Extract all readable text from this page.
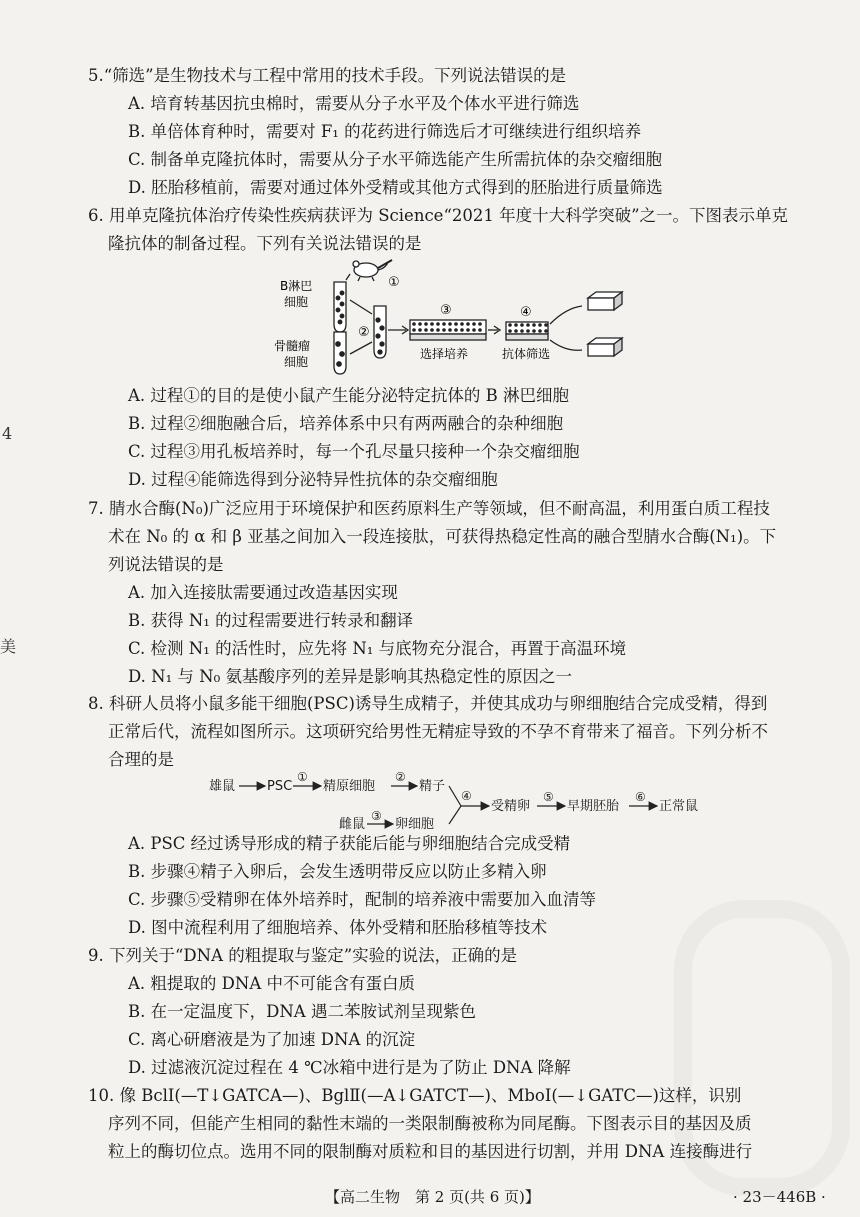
4
美
5.“筛选”是生物技术与工程中常用的技术手段。下列说法错误的是
A. 培育转基因抗虫棉时，需要从分子水平及个体水平进行筛选
B. 单倍体育种时，需要对 F₁ 的花药进行筛选后才可继续进行组织培养
C. 制备单克隆抗体时，需要从分子水平筛选能产生所需抗体的杂交瘤细胞
D. 胚胎移植前，需要对通过体外受精或其他方式得到的胚胎进行质量筛选
6. 用单克隆抗体治疗传染性疾病获评为 Science“2021 年度十大科学突破”之一。下图表示单克
隆抗体的制备过程。下列有关说法错误的是
B淋巴
细胞
骨髓瘤
细胞
①
②
③	④
选择培养	抗体筛选
A. 过程①的目的是使小鼠产生能分泌特定抗体的 B 淋巴细胞
B. 过程②细胞融合后，培养体系中只有两两融合的杂种细胞
C. 过程③用孔板培养时，每一个孔尽量只接种一个杂交瘤细胞
D. 过程④能筛选得到分泌特异性抗体的杂交瘤细胞
7. 腈水合酶(N₀)广泛应用于环境保护和医药原料生产等领域，但不耐高温，利用蛋白质工程技
术在 N₀ 的 α 和 β 亚基之间加入一段连接肽，可获得热稳定性高的融合型腈水合酶(N₁)。下
列说法错误的是
A. 加入连接肽需要通过改造基因实现
B. 获得 N₁ 的过程需要进行转录和翻译
C. 检测 N₁ 的活性时，应先将 N₁ 与底物充分混合，再置于高温环境
D. N₁ 与 N₀ 氨基酸序列的差异是影响其热稳定性的原因之一
8. 科研人员将小鼠多能干细胞(PSC)诱导生成精子，并使其成功与卵细胞结合完成受精，得到
正常后代，流程如图所示。这项研究给男性无精症导致的不孕不育带来了福音。下列分析不
合理的是
雄鼠 PSC
①
精原细胞
②
精子
雌鼠
③
卵细胞
④
受精卵
⑤
早期胚胎
⑥
正常鼠
A. PSC 经过诱导形成的精子获能后能与卵细胞结合完成受精
B. 步骤④精子入卵后，会发生透明带反应以防止多精入卵
C. 步骤⑤受精卵在体外培养时，配制的培养液中需要加入血清等
D. 图中流程利用了细胞培养、体外受精和胚胎移植等技术
9. 下列关于“DNA 的粗提取与鉴定”实验的说法，正确的是
A. 粗提取的 DNA 中不可能含有蛋白质
B. 在一定温度下，DNA 遇二苯胺试剂呈现紫色
C. 离心研磨液是为了加速 DNA 的沉淀
D. 过滤液沉淀过程在 4 ℃冰箱中进行是为了防止 DNA 降解
10. 像 BclⅠ(—T↓GATCA—)、BglⅡ(—A↓GATCT—)、MboⅠ(—↓GATC—)这样，识别
序列不同，但能产生相同的黏性末端的一类限制酶被称为同尾酶。下图表示目的基因及质
粒上的酶切位点。选用不同的限制酶对质粒和目的基因进行切割，并用 DNA 连接酶进行
【高二生物　第 2 页(共 6 页)】	· 23－446B ·
